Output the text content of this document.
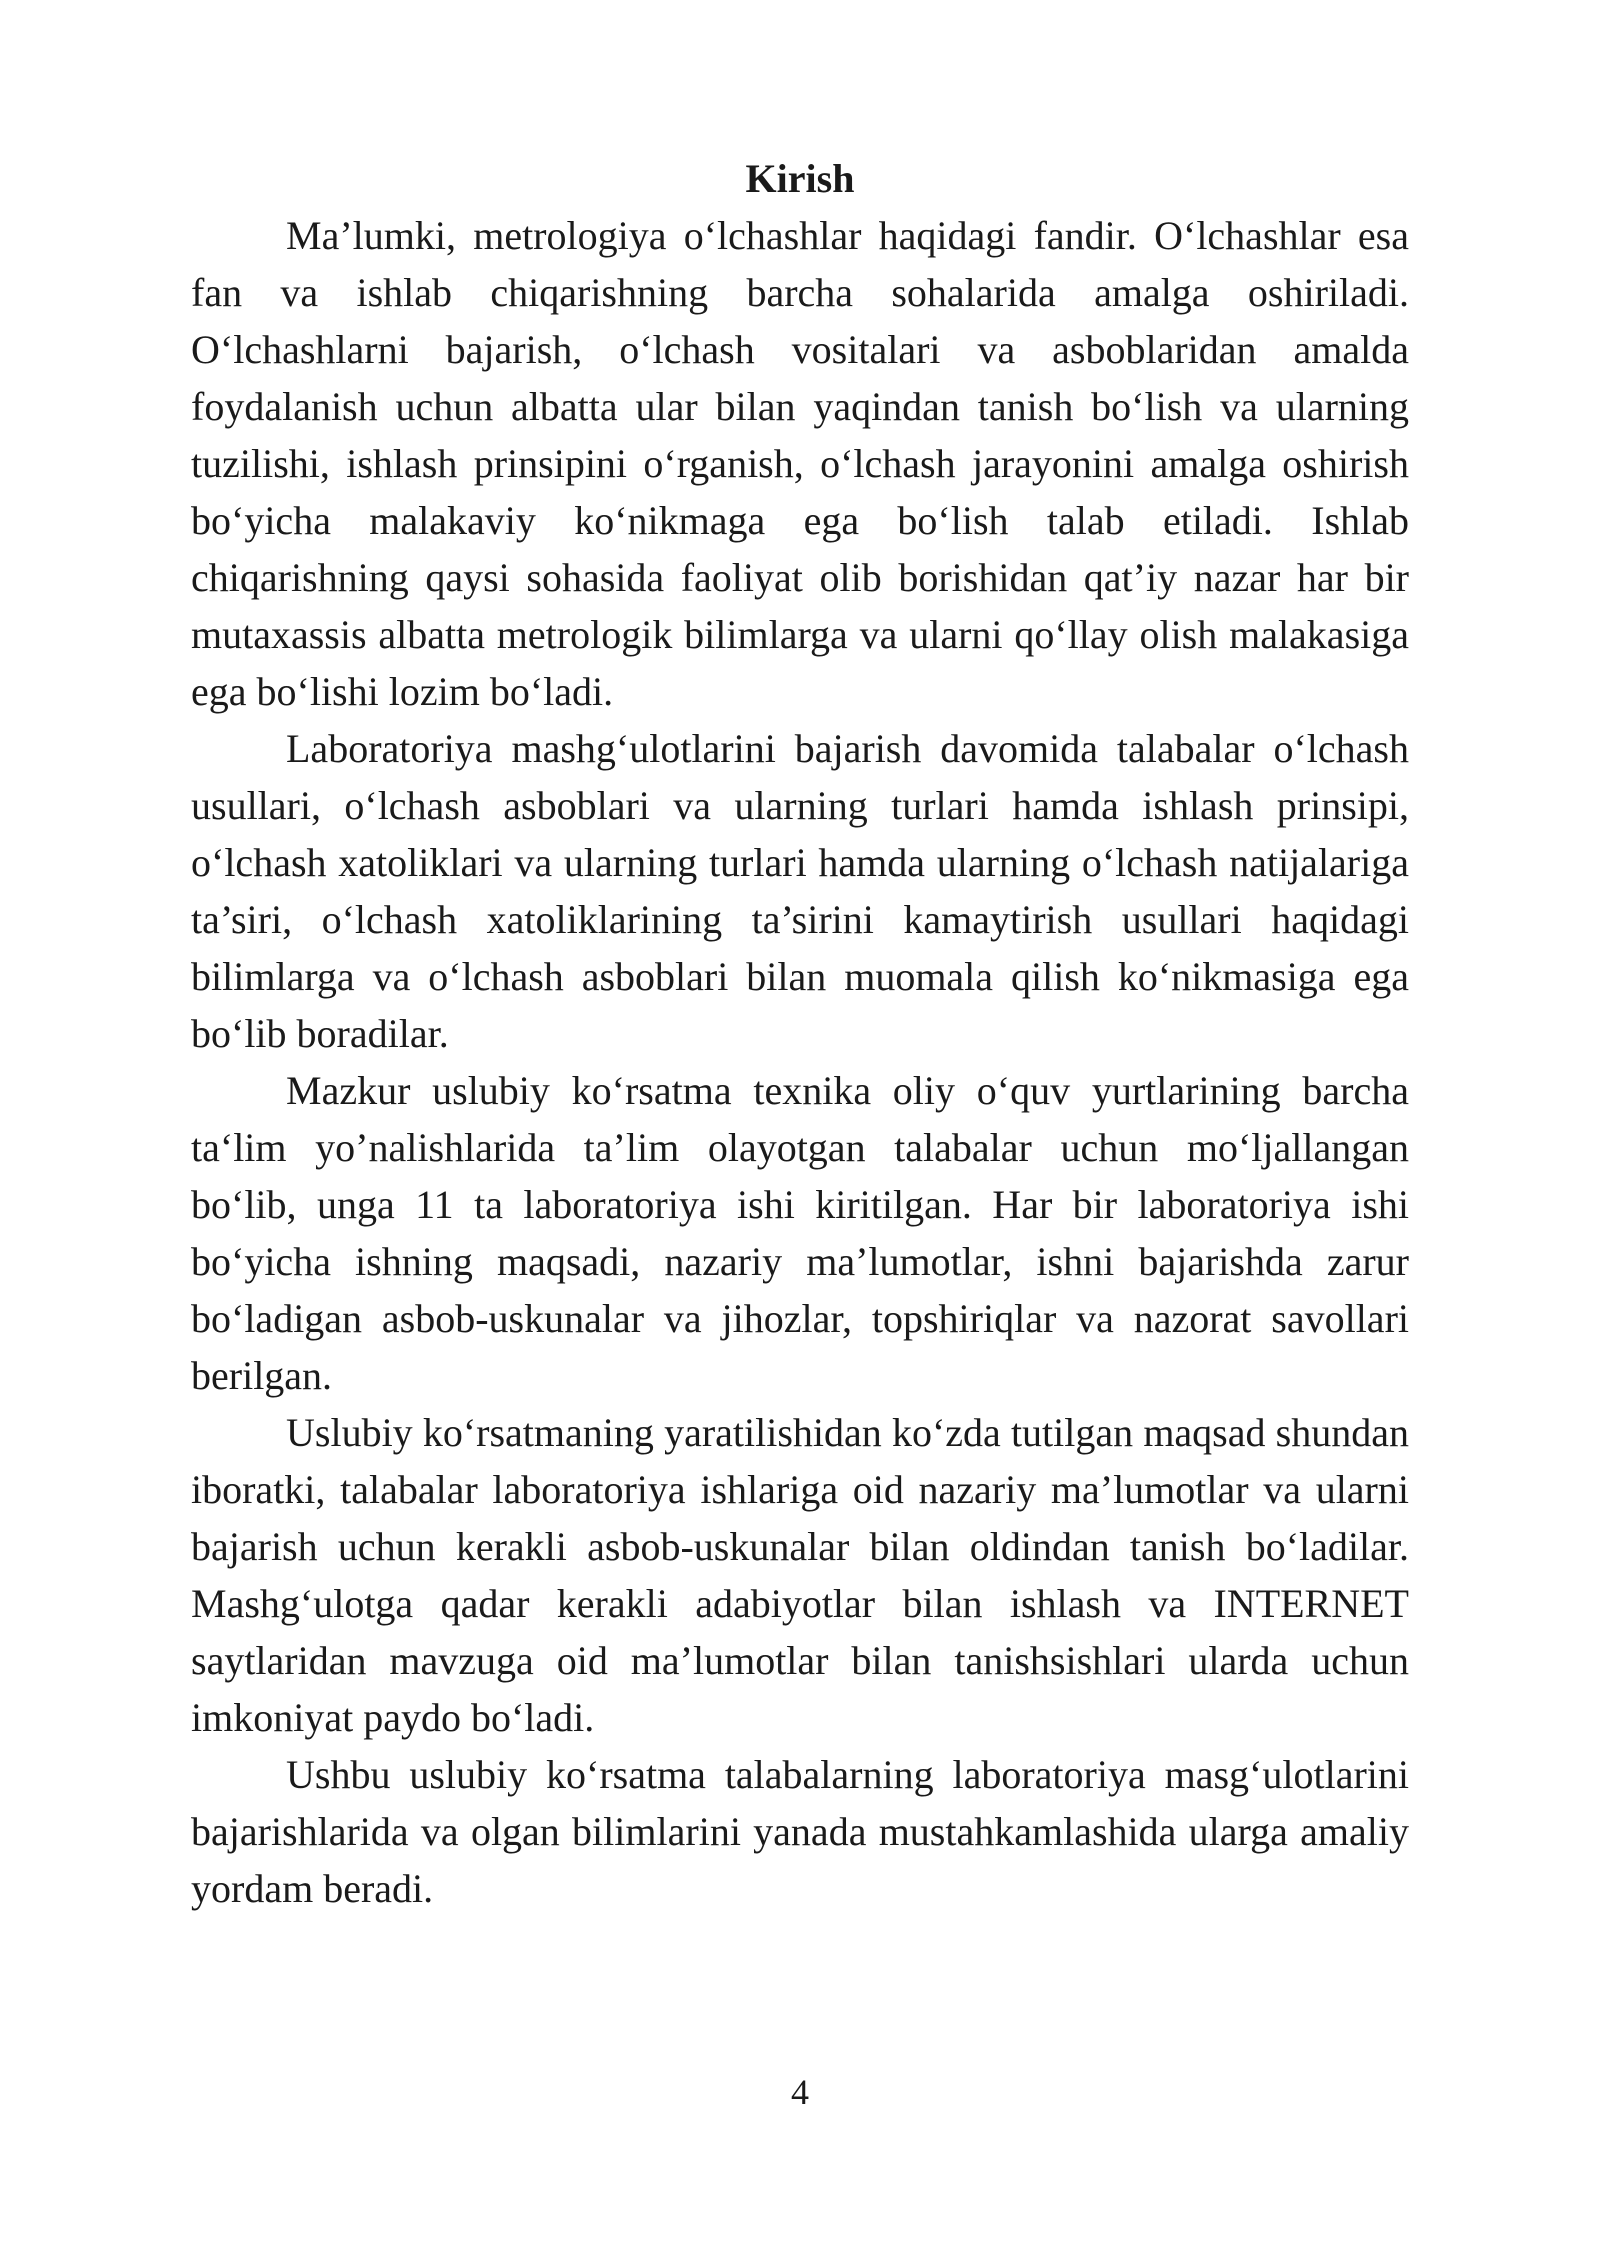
Kirish

Ma’lumki, metrologiya o‘lchashlar haqidagi fandir. O‘lchashlar esa fan va ishlab chiqarishning barcha sohalarida amalga oshiriladi. O‘lchashlarni bajarish, o‘lchash vositalari va asboblaridan amalda foydalanish uchun albatta ular bilan yaqindan tanish bo‘lish va ularning tuzilishi, ishlash prinsipini o‘rganish, o‘lchash jarayonini amalga oshirish bo‘yicha malakaviy ko‘nikmaga ega bo‘lish talab etiladi. Ishlab chiqarishning qaysi sohasida faoliyat olib borishidan qat’iy nazar har bir mutaxassis albatta metrologik bilimlarga va ularni qo‘llay olish malakasiga ega bo‘lishi lozim bo‘ladi.

Laboratoriya mashg‘ulotlarini bajarish davomida talabalar o‘lchash usullari, o‘lchash asboblari va ularning turlari hamda ishlash prinsipi, o‘lchash xatoliklari va ularning turlari hamda ularning o‘lchash natijalariga ta’siri, o‘lchash xatoliklarining ta’sirini kamaytirish usullari haqidagi bilimlarga va o‘lchash asboblari bilan muomala qilish ko‘nikmasiga ega bo‘lib boradilar.

Mazkur uslubiy ko‘rsatma texnika oliy o‘quv yurtlarining barcha ta‘lim yo’nalishlarida ta’lim olayotgan talabalar uchun mo‘ljallangan bo‘lib, unga 11 ta laboratoriya ishi kiritilgan. Har bir laboratoriya ishi bo‘yicha ishning maqsadi, nazariy ma’lumotlar, ishni bajarishda zarur bo‘ladigan asbob-uskunalar va jihozlar, topshiriqlar va nazorat savollari berilgan.

Uslubiy ko‘rsatmaning yaratilishidan ko‘zda tutilgan maqsad shundan iboratki, talabalar laboratoriya ishlariga oid nazariy ma’lumotlar va ularni bajarish uchun kerakli asbob-uskunalar bilan oldindan tanish bo‘ladilar. Mashg‘ulotga qadar kerakli adabiyotlar bilan ishlash va INTERNET saytlaridan mavzuga oid ma’lumotlar bilan tanishsishlari ularda uchun imkoniyat paydo bo‘ladi.

Ushbu uslubiy ko‘rsatma talabalarning laboratoriya masg‘ulotlarini bajarishlarida va olgan bilimlarini yanada mustahkamlashida ularga amaliy yordam beradi.

4
